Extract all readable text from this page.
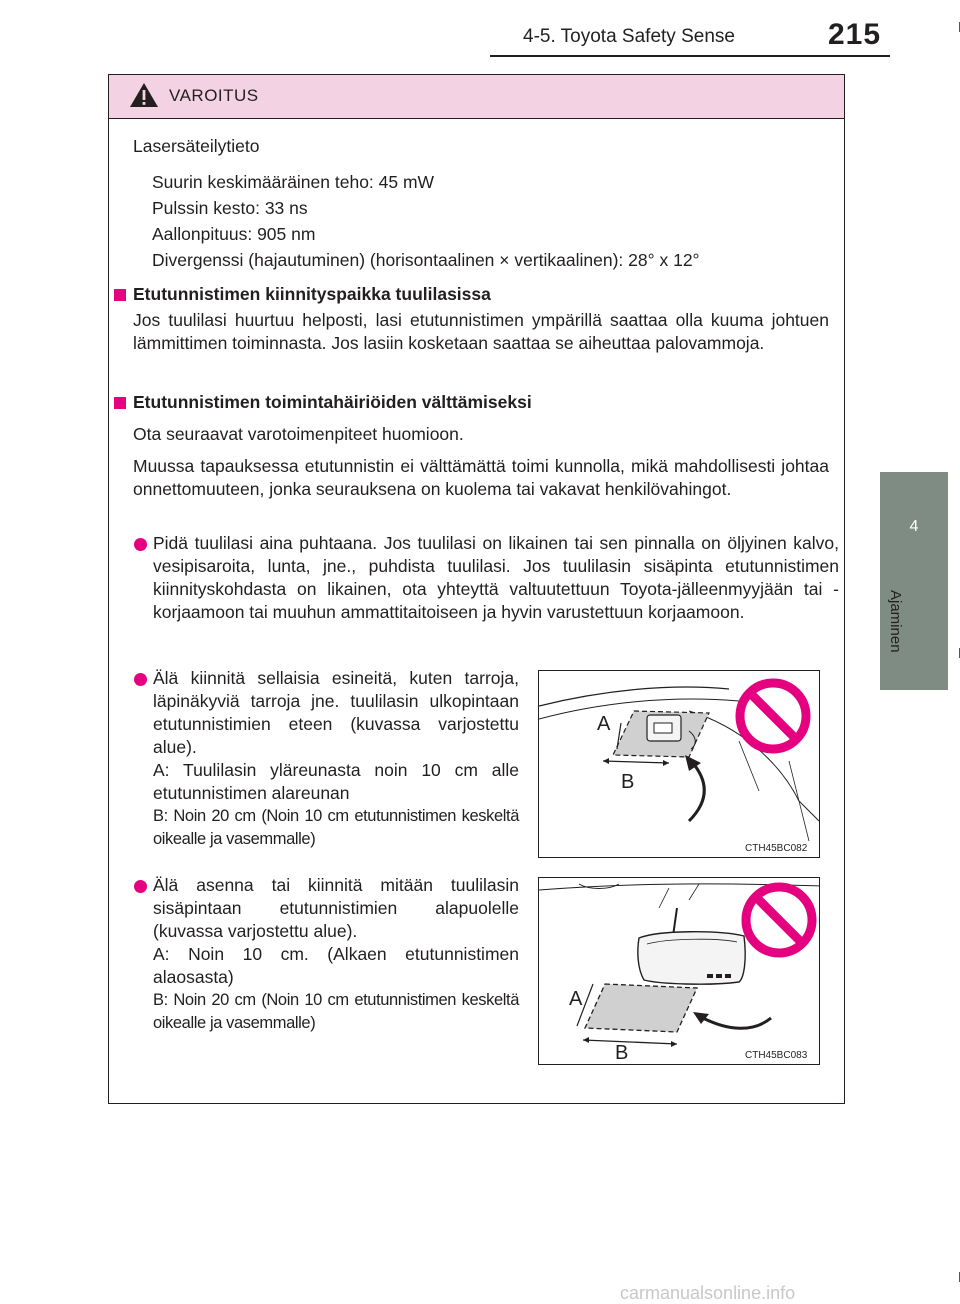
4-5. Toyota Safety Sense	215
4
Ajaminen
VAROITUS
Lasersäteilytieto
Suurin keskimääräinen teho: 45 mW
Pulssin kesto: 33 ns
Aallonpituus: 905 nm
Divergenssi (hajautuminen) (horisontaalinen × vertikaalinen): 28° x 12°
Etutunnistimen kiinnityspaikka tuulilasissa
Jos tuulilasi huurtuu helposti, lasi etutunnistimen ympärillä saattaa olla kuuma johtuen lämmittimen toiminnasta. Jos lasiin kosketaan saattaa se aiheuttaa palovammoja.
Etutunnistimen toimintahäiriöiden välttämiseksi
Ota seuraavat varotoimenpiteet huomioon.
Muussa tapauksessa etutunnistin ei välttämättä toimi kunnolla, mikä mahdollisesti johtaa onnettomuuteen, jonka seurauksena on kuolema tai vakavat henkilövahingot.
Pidä tuulilasi aina puhtaana. Jos tuulilasi on likainen tai sen pinnalla on öljyinen kalvo, vesipisaroita, lunta, jne., puhdista tuulilasi. Jos tuulilasin sisäpinta etutunnistimen kiinnityskohdasta on likainen, ota yhteyttä valtuutettuun Toyota-jälleenmyyjään tai -korjaamoon tai muuhun ammattitaitoiseen ja hyvin varustettuun korjaamoon.
Älä kiinnitä sellaisia esineitä, kuten tarroja, läpinäkyviä tarroja jne. tuulilasin ulkopintaan etutunnistimien eteen (kuvassa varjostettu alue).
A: Tuulilasin yläreunasta noin 10 cm alle etutunnistimen alareunan
B: Noin 20 cm (Noin 10 cm etutunnistimen keskeltä oikealle ja vasemmalle)
Älä asenna tai kiinnitä mitään tuulilasin sisäpintaan etutunnistimien alapuolelle (kuvassa varjostettu alue).
A: Noin 10 cm. (Alkaen etutunnistimen alaosasta)
B: Noin 20 cm (Noin 10 cm etutunnistimen keskeltä oikealle ja vasemmalle)
A
B
CTH45BC082
A
B	CTH45BC083
carmanualsonline.info
